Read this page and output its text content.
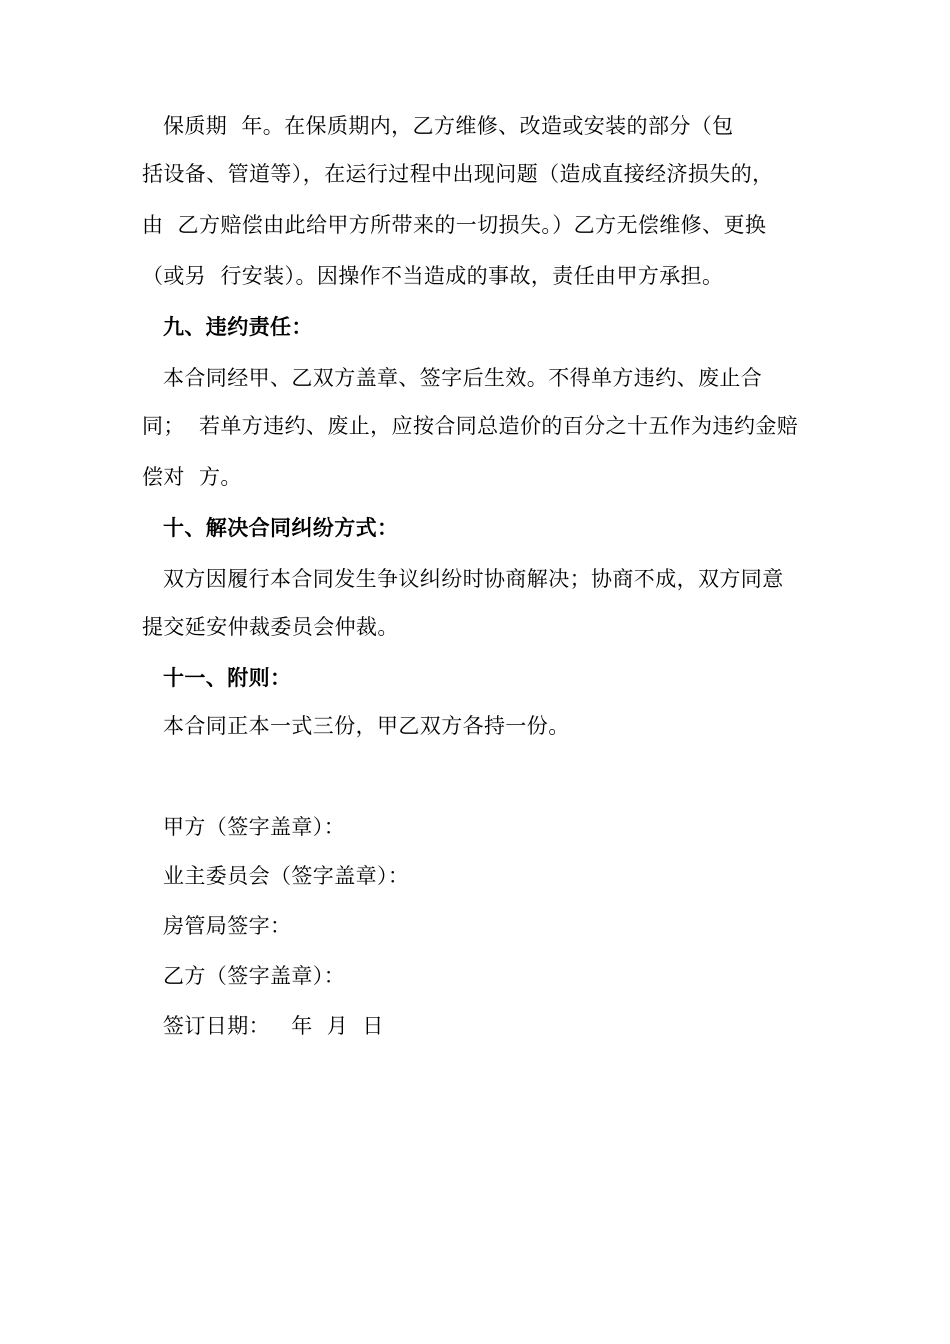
保质期  年。在保质期内，乙方维修、改造或安装的部分（包
括设备、管道等），在运行过程中出现问题（造成直接经济损失的，
由  乙方赔偿由此给甲方所带来的一切损失。）乙方无偿维修、更换
（或另  行安装）。因操作不当造成的事故，责任由甲方承担。
九、违约责任：
本合同经甲、乙双方盖章、签字后生效。不得单方违约、废止合
同；  若单方违约、废止，应按合同总造价的百分之十五作为违约金赔
偿对  方。
十、解决合同纠纷方式：
双方因履行本合同发生争议纠纷时协商解决；协商不成，双方同意
提交延安仲裁委员会仲裁。
十一、附则：
本合同正本一式三份，甲乙双方各持一份。
甲方（签字盖章）：
业主委员会（签字盖章）：
房管局签字：
乙方（签字盖章）：
签订日期：   年  月  日
